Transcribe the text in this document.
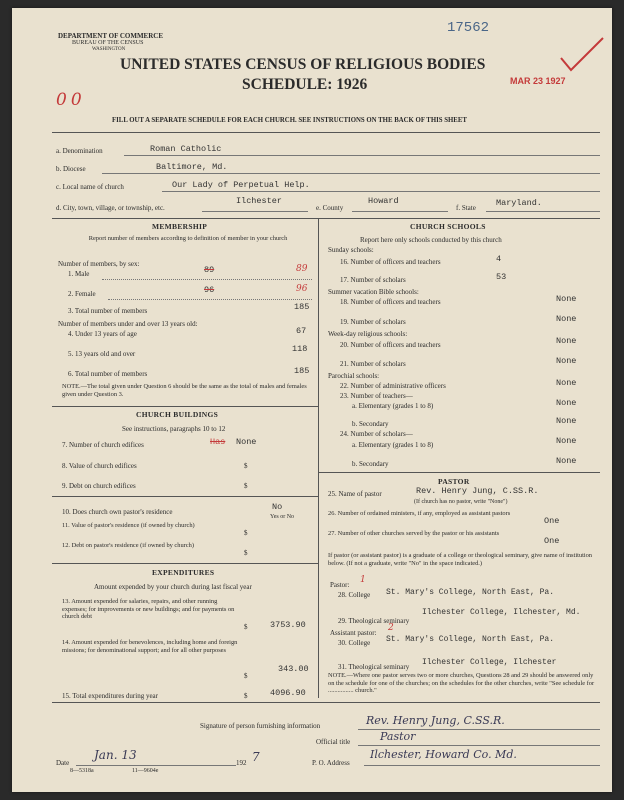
DEPARTMENT OF COMMERCE
BUREAU OF THE CENSUS
WASHINGTON
17562
UNITED STATES CENSUS OF RELIGIOUS BODIES
SCHEDULE: 1926	MAR 23 1927
00
FILL OUT A SEPARATE SCHEDULE FOR EACH CHURCH. SEE INSTRUCTIONS ON THE BACK OF THIS SHEET
a. Denomination	Roman Catholic
b. Diocese	Baltimore, Md.
c. Local name of church	Our Lady of Perpetual Help.
d. City, town, village, or township, etc.
Ilchester
e. County
Howard
f. State Maryland.
MEMBERSHIP
Report number of members according to definition of member in your church
Number of members, by sex:
1. Male	89	89
2. Female	96	96
3. Total number of members	185
Number of members under and over 13 years old:
4. Under 13 years of age	67
5. 13 years old and over	118
6. Total number of members	185
NOTE.—The total given under Question 6 should be the same as the total of males and females given under Question 3.
CHURCH BUILDINGS
See instructions, paragraphs 10 to 12
7. Number of church edifices	Has None
8. Value of church edifices	$
9. Debt on church edifices	$
10. Does church own pastor's residence	No
Yes or No
11. Value of pastor's residence (if owned by church)
$
12. Debt on pastor's residence (if owned by church)
$
EXPENDITURES
Amount expended by your church during last fiscal year
13. Amount expended for salaries, repairs, and other running expenses; for improvements or new buildings; and for payments on church debt
$	3753.90
14. Amount expended for benevolences, including home and foreign missions; for denominational support; and for all other purposes
$
343.00
15. Total expenditures during year	$	4096.90
CHURCH SCHOOLS
Report here only schools conducted by this church
Sunday schools:
16. Number of officers and teachers	4
17. Number of scholars	53
Summer vacation Bible schools:
18. Number of officers and teachers	None
19. Number of scholars	None
Week-day religious schools:
20. Number of officers and teachers	None
21. Number of scholars	None
Parochial schools:
22. Number of administrative officers	None
23. Number of teachers—
a. Elementary (grades 1 to 8)	None
b. Secondary	None
24. Number of scholars—
a. Elementary (grades 1 to 8)	None
b. Secondary	None
PASTOR
25. Name of pastor	Rev. Henry Jung, C.SS.R.
(If church has no pastor, write "None")
26. Number of ordained ministers, if any, employed as assistant pastors
One
27. Number of other churches served by the pastor or his assistants
One
If pastor (or assistant pastor) is a graduate of a college or theological seminary, give name of institution below. (If not a graduate, write "No" in the space indicated.)
Pastor: 1
28. College St. Mary's College, North East, Pa.
29. Theological seminary
Ilchester College, Ilchester, Md.
Assistant pastor: 2
30. College St. Mary's College, North East, Pa.
31. Theological seminary Ilchester College, Ilchester
NOTE.—Where one pastor serves two or more churches, Questions 28 and 29 should be answered only on the schedule for one of the churches; on the schedules for the other churches, write "See schedule for ................ church."
Signature of person furnishing information	Rev. Henry Jung, C.SS.R.
Official title	Pastor
Date
Jan. 13
192 7	P. O. Address
Ilchester, Howard Co. Md.
8—5318a	11—9604e
